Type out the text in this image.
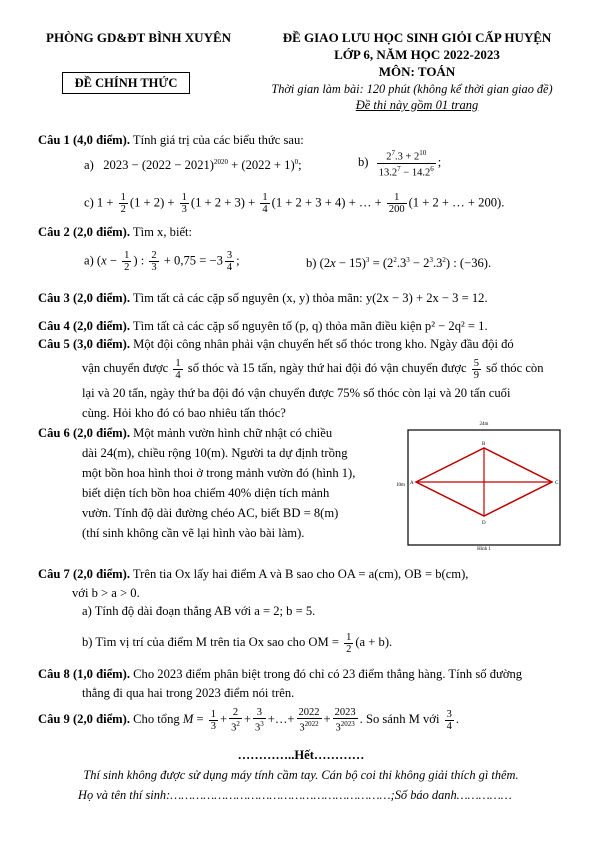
PHÒNG GD&ĐT BÌNH XUYÊN
ĐỀ CHÍNH THỨC
ĐỀ GIAO LƯU HỌC SINH GIỎI CẤP HUYỆN
LỚP 6, NĂM HỌC 2022-2023
MÔN: TOÁN
Thời gian làm bài: 120 phút (không kể thời gian giao đề)
Đề thi này gồm 01 trang
Câu 1 (4,0 điểm). Tính giá trị của các biểu thức sau:
a)   $2023 - (2022 - 2021)^{2020} + (2022 + 1)^0$;	$b) \frac{2^7.3 + 2^{10}}{13.2^7 - 14.2^6}$ ;
c) $1 + \frac{1}{2} (1 + 2) + \frac{1}{3} (1 + 2 + 3) + \frac{1}{4} (1 + 2 + 3 + 4)$ + … + $\frac{1}{200} (1 + 2$ + … + 200).
Câu 2 (2,0 điểm). Tìm x, biết:
a) ($x - \frac{1}{2}$ ) : $\frac{2}{3} + 0,75 = -3 \frac{3}{4}$ ;	b) $(2x - 15)^3 = (2^2.3^3 - 2^3.3^2)$ : (−36).
Câu 3 (2,0 điểm). Tìm tất cả các cặp số nguyên (x, y) thỏa mãn: y(2x − 3) + 2x − 3 = 12.
Câu 4 (2,0 điểm). Tìm tất cả các cặp số nguyên tố (p, q) thỏa mãn điều kiện p² − 2q² = 1.
Câu 5 (3,0 điểm). Một đội công nhân phải vận chuyển hết số thóc trong kho. Ngày đầu đội đó
vận chuyển được $\frac{1}{4}$ số thóc và 15 tấn, ngày thứ hai đội đó vận chuyển được $\frac{5}{9}$ số thóc còn
lại và 20 tấn, ngày thứ ba đội đó vận chuyển được 75% số thóc còn lại và 20 tấn cuối
cùng. Hỏi kho đó có bao nhiêu tấn thóc?
Câu 6 (2,0 điểm). Một mảnh vườn hình chữ nhật có chiều
dài 24(m), chiều rộng 10(m). Người ta dự định trồng
một bồn hoa hình thoi ở trong mảnh vườn đó (hình 1),
biết diện tích bồn hoa chiếm 40% diện tích mảnh
vườn. Tính độ dài đường chéo AC, biết BD = 8(m)
(thí sinh không cần vẽ lại hình vào bài làm).
24m
10m A
B
C
D
Hình 1
Câu 7 (2,0 điểm). Trên tia Ox lấy hai điểm A và B sao cho OA = a(cm), OB = b(cm),
với b > a > 0.
a) Tính độ dài đoạn thẳng AB với a = 2; b = 5.
b) Tìm vị trí của điểm M trên tia Ox sao cho OM = $\frac{1}{2} (a + b)$.
Câu 8 (1,0 điểm). Cho 2023 điểm phân biệt trong đó chỉ có 23 điểm thẳng hàng. Tính số đường
thẳng đi qua hai trong 2023 điểm nói trên.
Câu 9 (2,0 điểm). Cho tổng $M = \frac{1}{3} + \frac{2}{3^2} + \frac{3}{3^3}$ +…+ $\frac{2022}{3^{2022}} + \frac{2023}{3^{2023}}$ . So sánh M với $\frac{3}{4}$ .
…………..Hết…………
Thí sinh không được sử dụng máy tính cầm tay. Cán bộ coi thi không giải thích gì thêm.
Họ và tên thí sinh:……………………………………………………;Số báo danh……………
